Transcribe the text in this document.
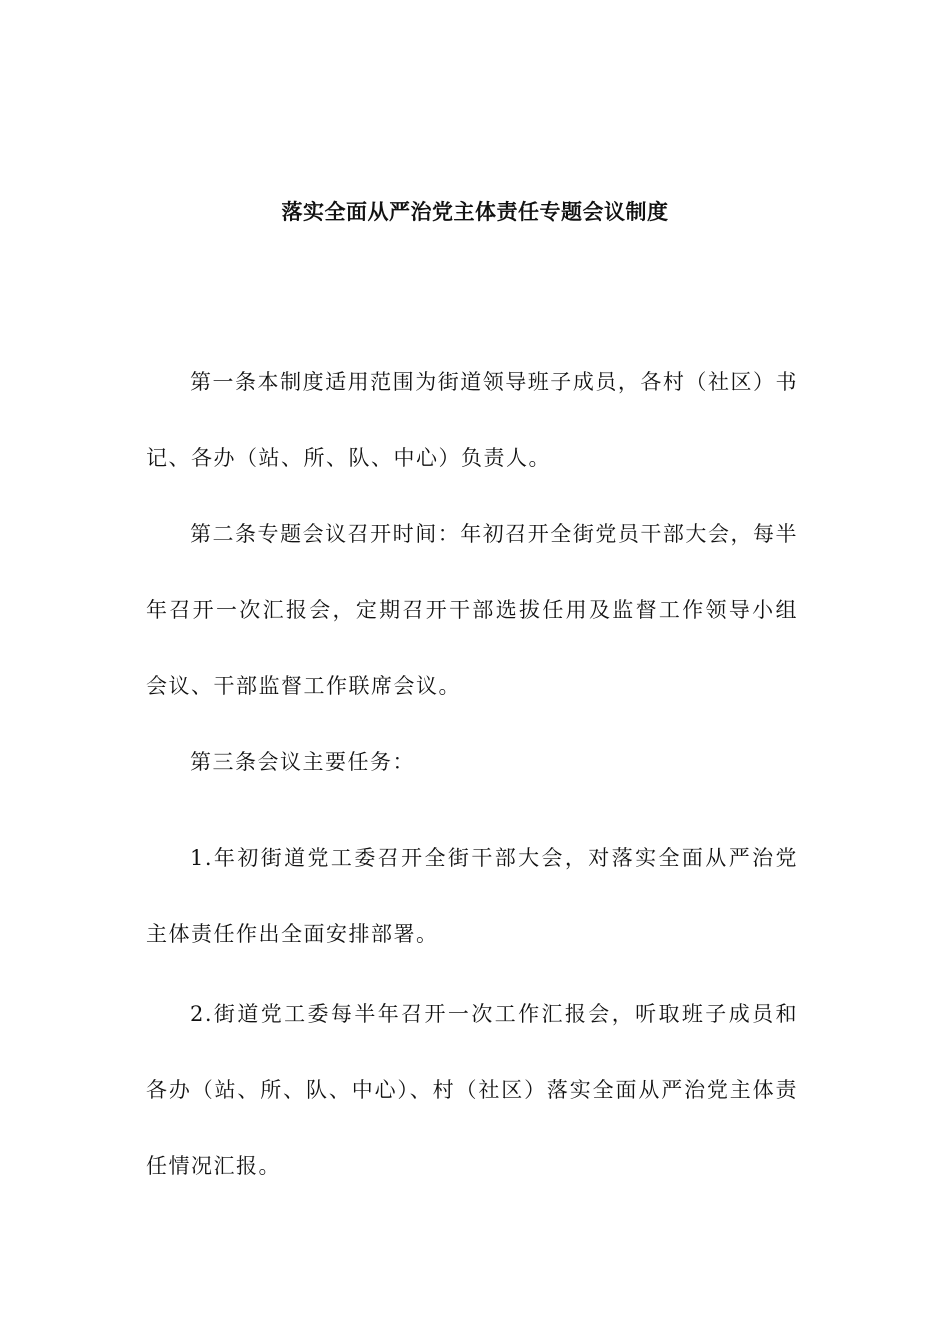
落实全面从严治党主体责任专题会议制度

第一条本制度适用范围为街道领导班子成员，各村（社区）书记、各办（站、所、队、中心）负责人。

第二条专题会议召开时间：年初召开全街党员干部大会，每半年召开一次汇报会，定期召开干部选拔任用及监督工作领导小组会议、干部监督工作联席会议。

第三条会议主要任务：

1.年初街道党工委召开全街干部大会，对落实全面从严治党主体责任作出全面安排部署。

2.街道党工委每半年召开一次工作汇报会，听取班子成员和各办（站、所、队、中心）、村（社区）落实全面从严治党主体责任情况汇报。
